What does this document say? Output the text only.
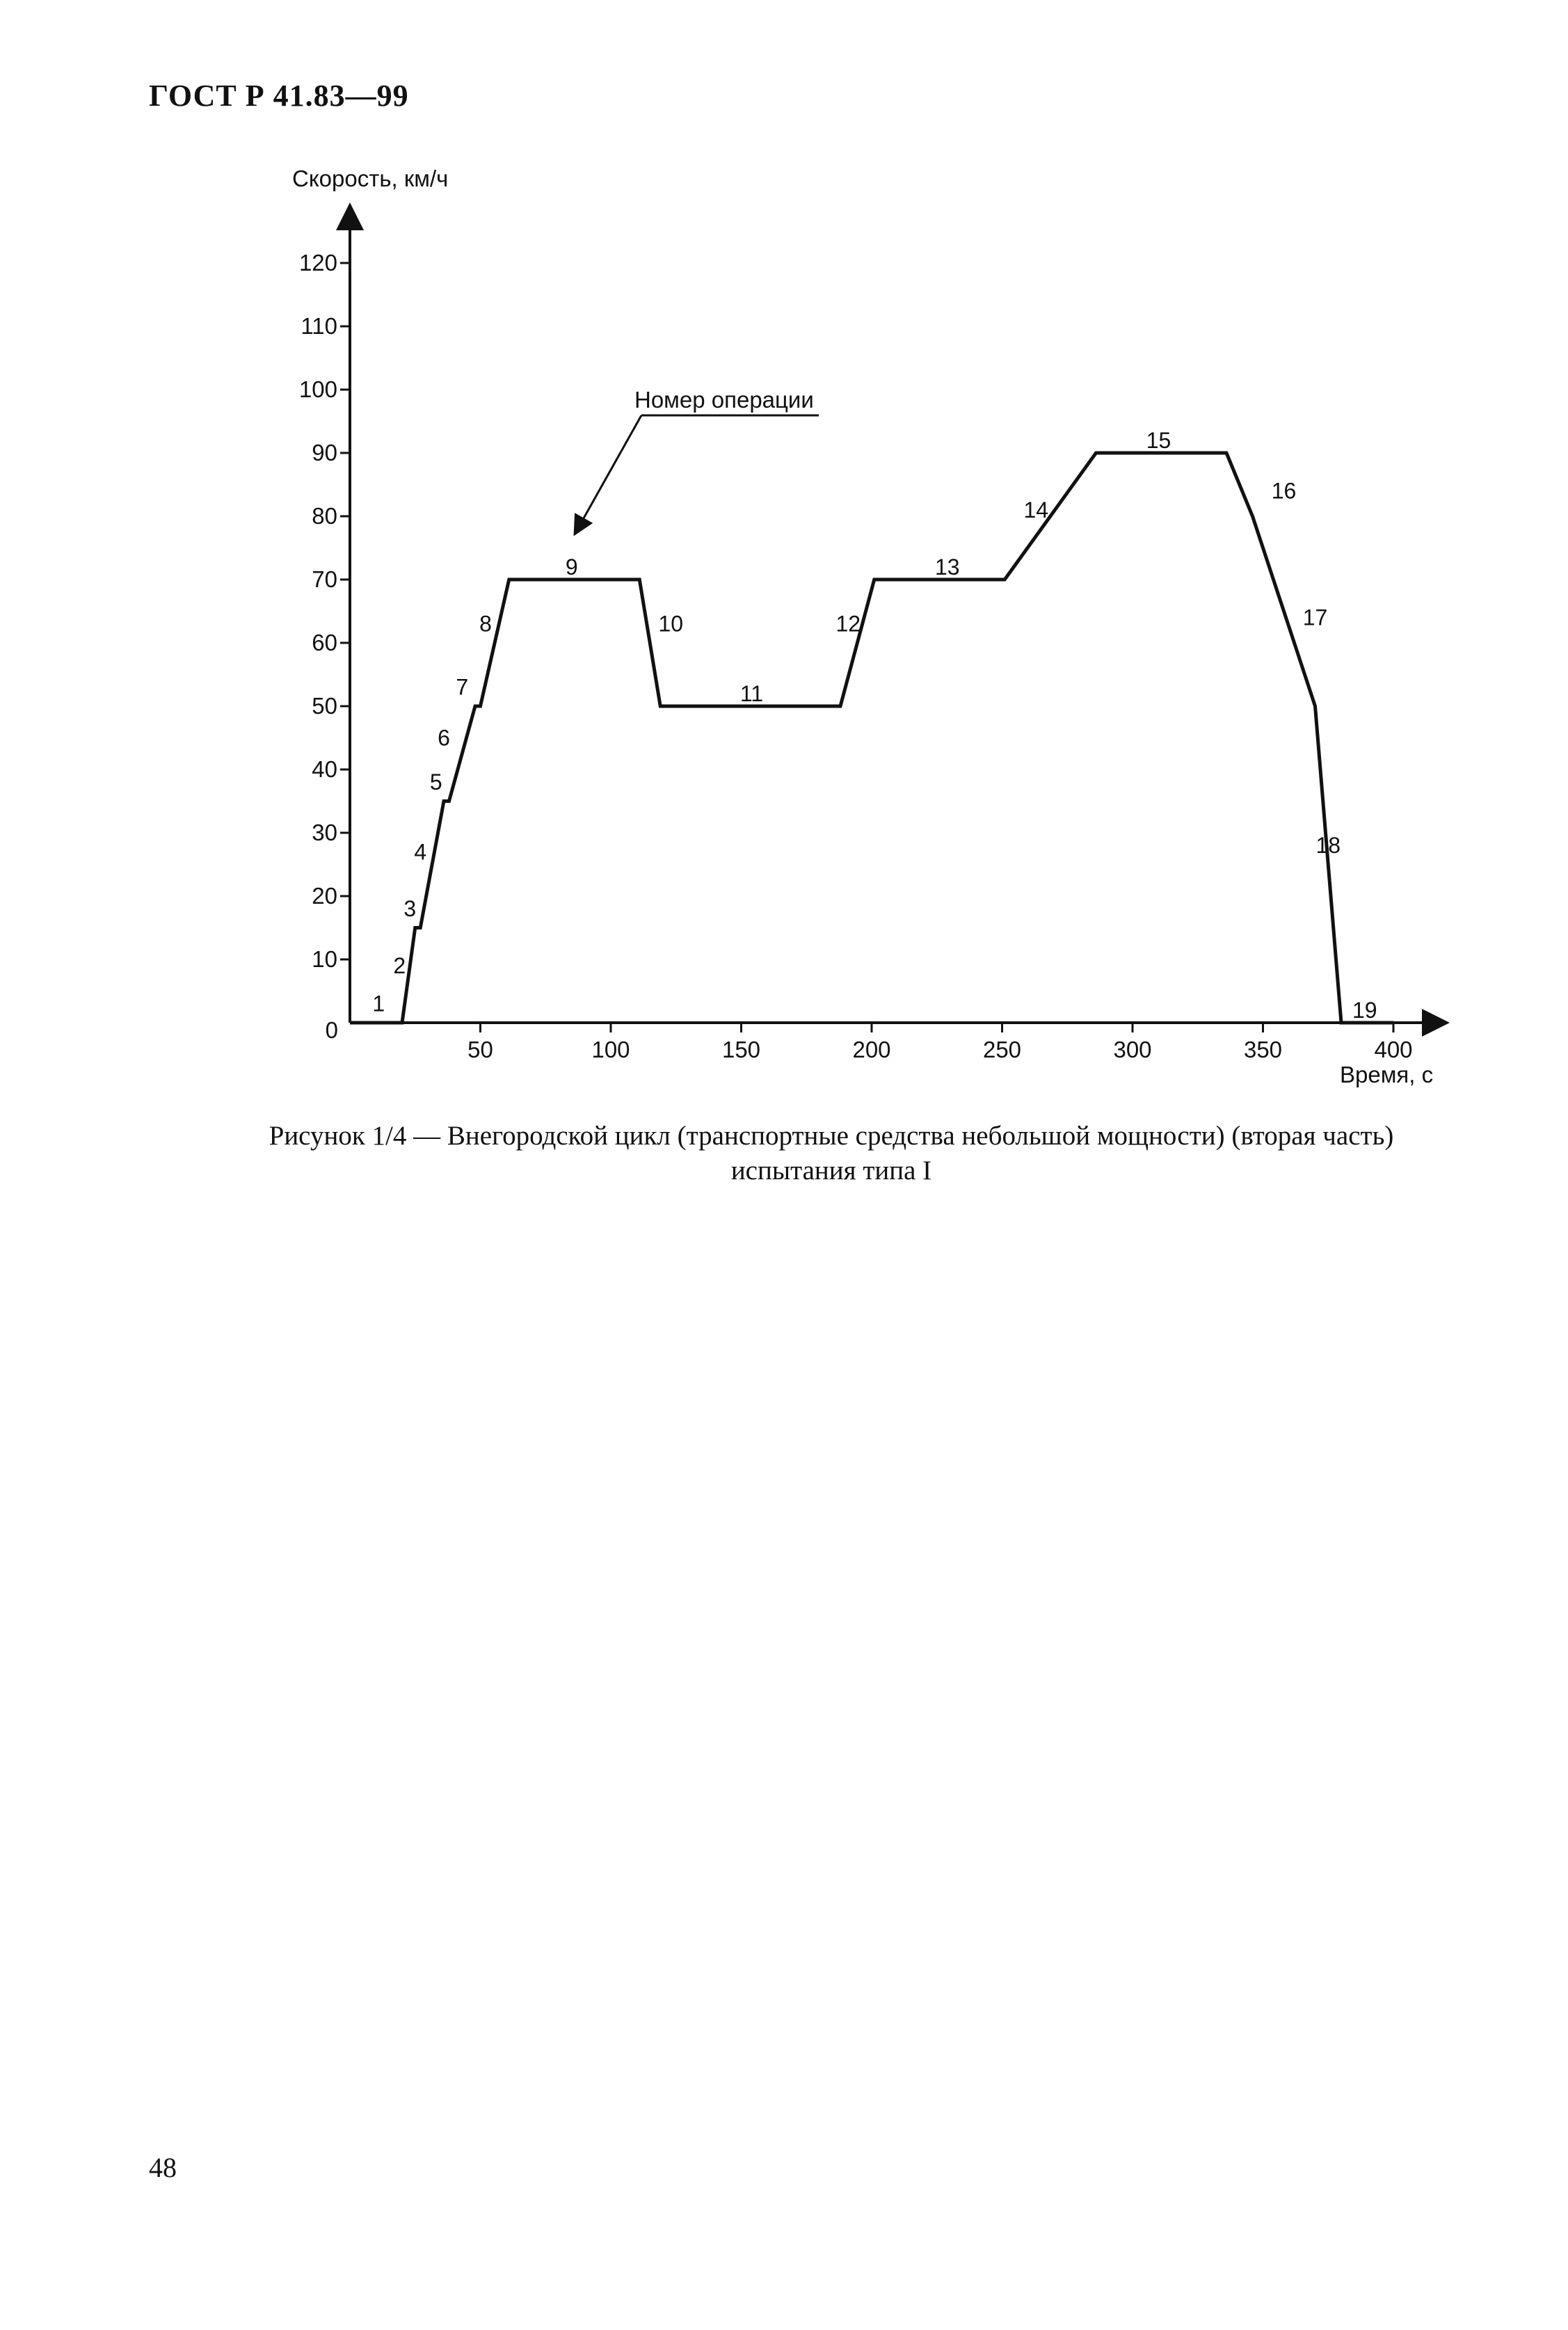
ГОСТ Р 41.83—99
Скорость, км/ч
Время, с
0
10
20
30
40
50
60
70
80
90
100
110
120
50	100	150	200	250	300	350	400
1
2
3
4
5
6
7
8
9
10
11
12
13
14
15
16
17
18
19
Номер операции
Рисунок 1/4 — Внегородской цикл (транспортные средства небольшой мощности) (вторая часть)
испытания типа I
48
